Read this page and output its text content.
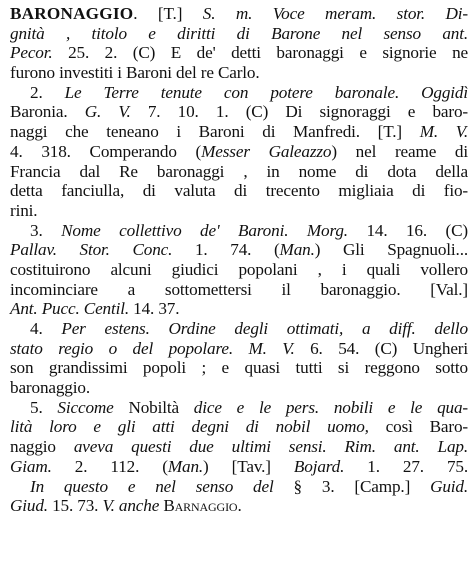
BARONAGGIO. [T.] S. m. Voce meram. stor. Di-
gnità , titolo e diritti di Barone nel senso ant.
Pecor. 25. 2. (C) E de' detti baronaggi e signorie ne
furono investiti i Baroni del re Carlo.
2. Le Terre tenute con potere baronale. Oggidì
Baronia. G. V. 7. 10. 1. (C) Di signoraggi e baro-
naggi che teneano i Baroni di Manfredi. [T.] M. V.
4. 318. Comperando (Messer Galeazzo) nel reame di
Francia dal Re baronaggi , in nome di dota della
detta fanciulla, di valuta di trecento migliaia di fio-
rini.
3. Nome collettivo de' Baroni. Morg. 14. 16. (C)
Pallav. Stor. Conc. 1. 74. (Man.) Gli Spagnuoli...
costituirono alcuni giudici popolani , i quali vollero
incominciare a sottomettersi il baronaggio. [Val.]
Ant. Pucc. Centil. 14. 37.
4. Per estens. Ordine degli ottimati, a diff. dello
stato regio o del popolare. M. V. 6. 54. (C) Ungheri
son grandissimi popoli ; e quasi tutti si reggono sotto
baronaggio.
5. Siccome Nobiltà dice e le pers. nobili e le qua-
lità loro e gli atti degni di nobil uomo, così Baro-
naggio aveva questi due ultimi sensi. Rim. ant. Lap.
Giam. 2. 112. (Man.) [Tav.] Bojard. 1. 27. 75.
In questo e nel senso del § 3. [Camp.] Guid.
Giud. 15. 73. V. anche Barnaggio.
